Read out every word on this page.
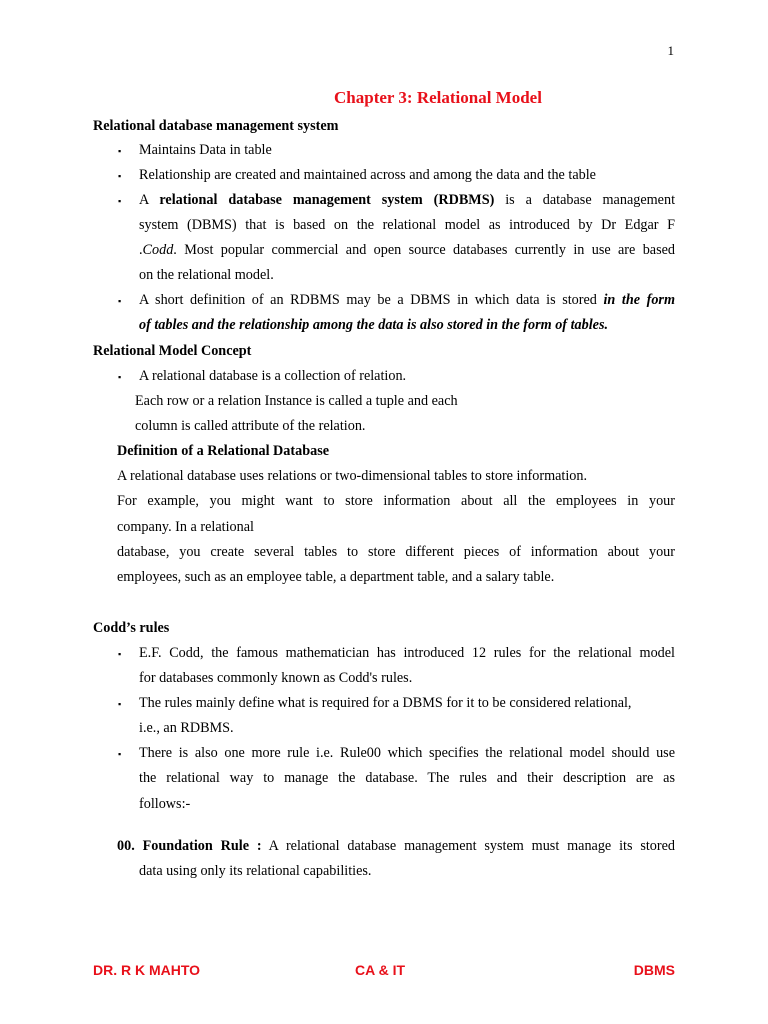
1
Chapter 3: Relational Model
Relational database management system
▪ Maintains Data in table
▪ Relationship are created and maintained across and among the data and the table
▪ A relational database management system (RDBMS) is a database management
system (DBMS) that is based on the relational model as introduced by Dr Edgar F
.Codd. Most popular commercial and open source databases currently in use are based
on the relational model.
▪ A short definition of an RDBMS may be a DBMS in which data is stored in the form
of tables and the relationship among the data is also stored in the form of tables.
Relational Model Concept
▪ A relational database is a collection of relation.
Each row or a relation Instance is called a tuple and each
column is called attribute of the relation.
Definition of a Relational Database
A relational database uses relations or two-dimensional tables to store information.
For example, you might want to store information about all the employees in your
company. In a relational
database, you create several tables to store different pieces of information about your
employees, such as an employee table, a department table, and a salary table.
Codd’s rules
▪ E.F. Codd, the famous mathematician has introduced 12 rules for the relational model
for databases commonly known as Codd's rules.
▪ The rules mainly define what is required for a DBMS for it to be considered relational,
i.e., an RDBMS.
▪ There is also one more rule i.e. Rule00 which specifies the relational model should use
the relational way to manage the database. The rules and their description are as
follows:-
00. Foundation Rule : A relational database management system must manage its stored
data using only its relational capabilities.
DR. R K MAHTO	CA & IT	DBMS
